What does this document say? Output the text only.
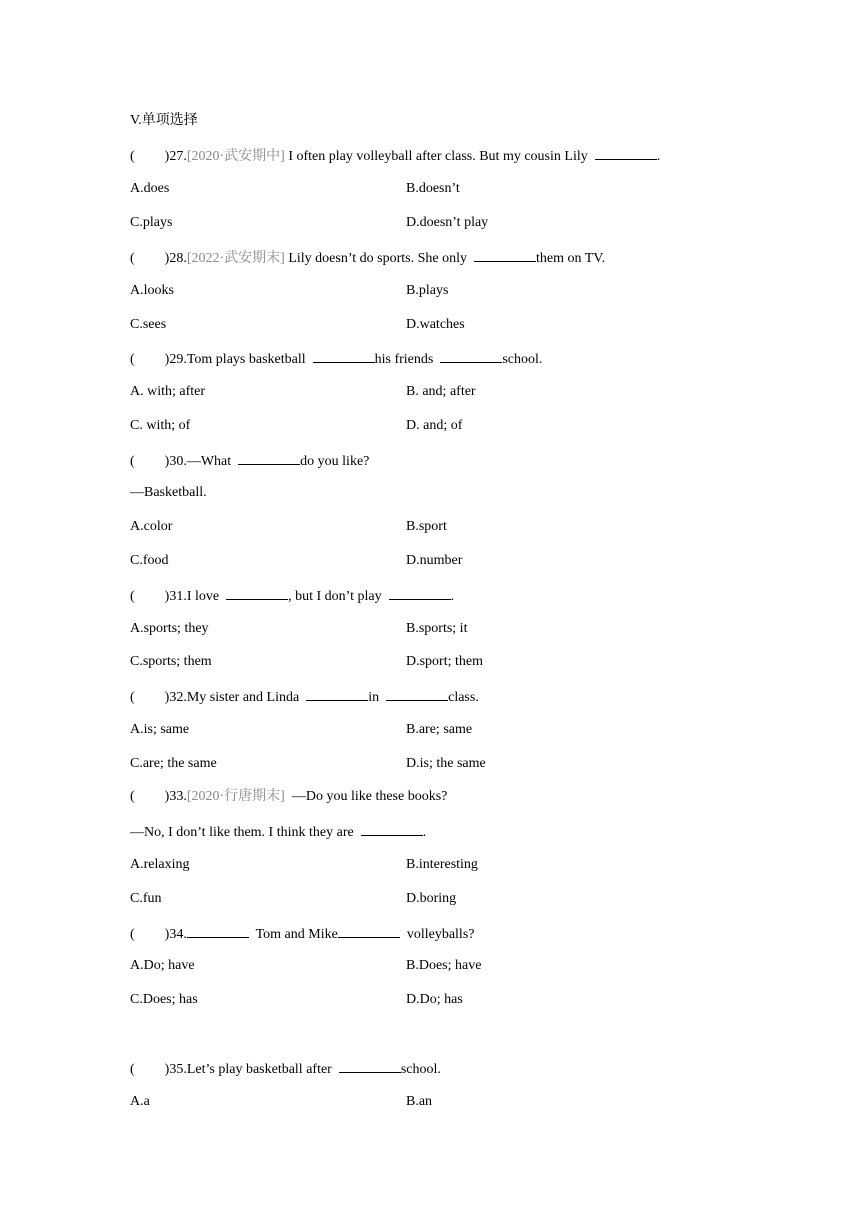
V.单项选择
( )27.[2020·武安期中] I often play volleyball after class. But my cousin Lily	.
A.does	B.doesn’t
C.plays	D.doesn’t play
( )28.[2022·武安期末] Lily doesn’t do sports. She only	them on TV.
A.looks	B.plays
C.sees	D.watches
( )29.Tom plays basketball	his friends	school.
A. with; after	B. and; after
C. with; of	D. and; of
( )30.—What	do you like?
—Basketball.
A.color	B.sport
C.food	D.number
( )31.I love	, but I don’t play	.
A.sports; they	B.sports; it
C.sports; them	D.sport; them
( )32.My sister and Linda	in	class.
A.is; same	B.are; same
C.are; the same	D.is; the same
( )33.[2020·行唐期末]  —Do you like these books?
—No, I don’t like them. I think they are	.
A.relaxing	B.interesting
C.fun	D.boring
( )34.	Tom and Mike	volleyballs?
A.Do; have	B.Does; have
C.Does; has	D.Do; has
( )35.Let’s play basketball after	school.
A.a	B.an
